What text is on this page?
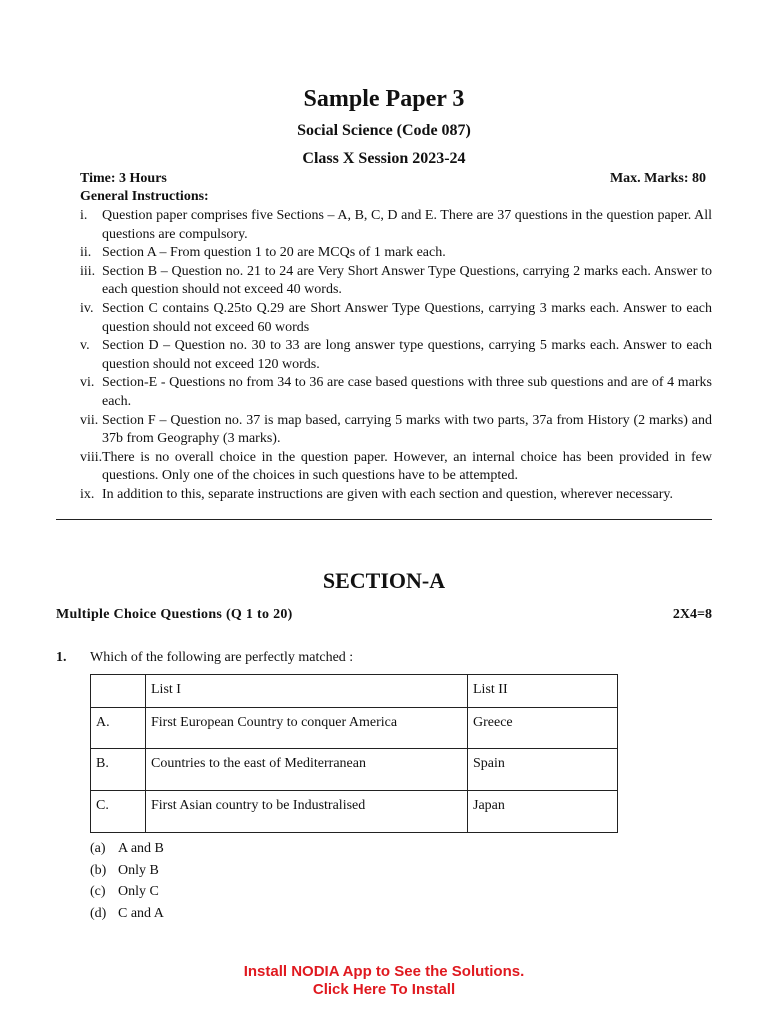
Sample Paper 3
Social Science (Code 087)
Class X Session 2023-24
Time: 3 Hours	Max. Marks: 80
General Instructions:
i. Question paper comprises five Sections – A, B, C, D and E. There are 37 questions in the question paper. All questions are compulsory.
ii. Section A – From question 1 to 20 are MCQs of 1 mark each.
iii. Section B – Question no. 21 to 24 are Very Short Answer Type Questions, carrying 2 marks each. Answer to each question should not exceed 40 words.
iv. Section C contains Q.25to Q.29 are Short Answer Type Questions, carrying 3 marks each. Answer to each question should not exceed 60 words
v. Section D – Question no. 30 to 33 are long answer type questions, carrying 5 marks each. Answer to each question should not exceed 120 words.
vi. Section-E - Questions no from 34 to 36 are case based questions with three sub questions and are of 4 marks each.
vii. Section F – Question no. 37 is map based, carrying 5 marks with two parts, 37a from History (2 marks) and 37b from Geography (3 marks).
viii. There is no overall choice in the question paper. However, an internal choice has been provided in few questions. Only one of the choices in such questions have to be attempted.
ix. In addition to this, separate instructions are given with each section and question, wherever necessary.
SECTION-A
Multiple Choice Questions (Q 1 to 20)	2X4=8
1. Which of the following are perfectly matched :
	List I	List II
A.	First European Country to conquer America	Greece
B.	Countries to the east of Mediterranean	Spain
C.	First Asian country to be Industralised	Japan
(a) A and B
(b) Only B
(c) Only C
(d) C and A
Install NODIA App to See the Solutions.
Click Here To Install
